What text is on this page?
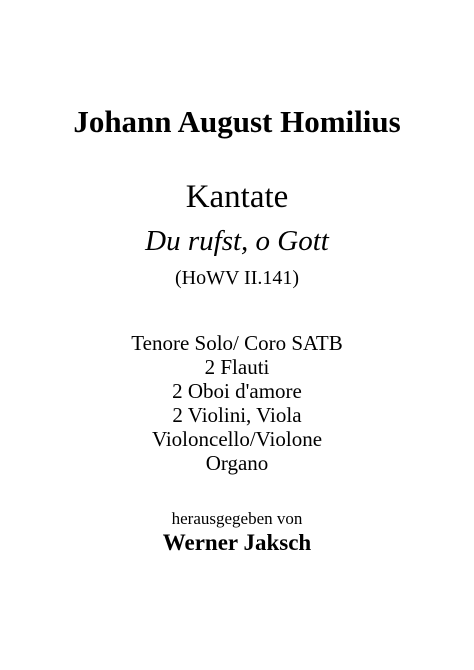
Johann August Homilius
Kantate
Du rufst, o Gott
(HoWV II.141)
Tenore Solo/ Coro SATB
2 Flauti
2 Oboi d'amore
2 Violini, Viola
Violoncello/Violone
Organo
herausgegeben von
Werner Jaksch
